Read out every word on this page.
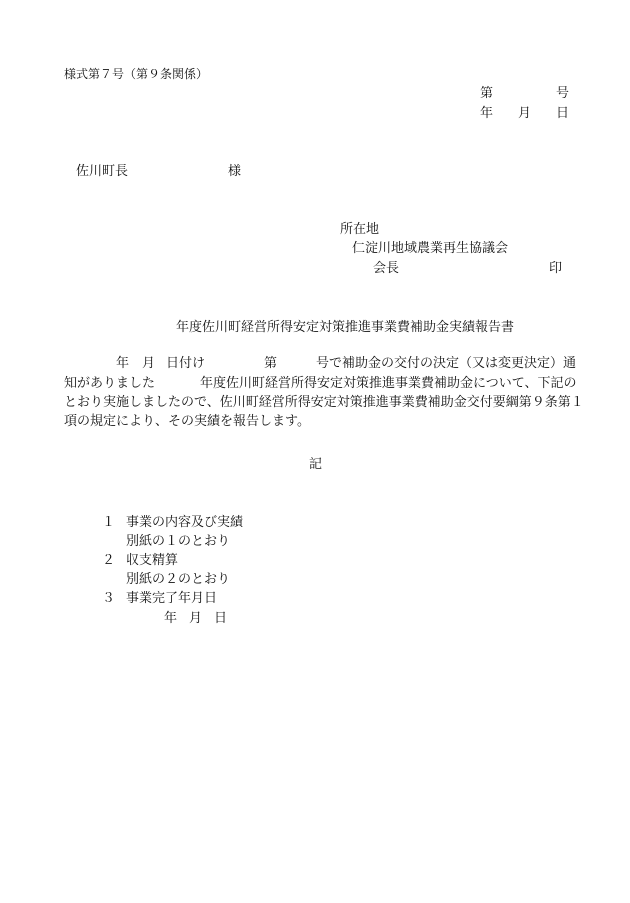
様式第７号（第９条関係）
第	号
年 月 日
佐川町長	様
所在地
仁淀川地域農業再生協議会
会長	印
年度佐川町経営所得安定対策推進事業費補助金実績報告書
年 月 日付け	第	号で補助金の交付の決定（又は変更決定）通
知がありました	年度佐川町経営所得安定対策推進事業費補助金について、下記の
とおり実施しましたので、佐川町経営所得安定対策推進事業費補助金交付要綱第９条第１
項の規定により、その実績を報告します。
記
１ 事業の内容及び実績
別紙の１のとおり
２ 収支精算
別紙の２のとおり
３ 事業完了年月日
年 月 日
